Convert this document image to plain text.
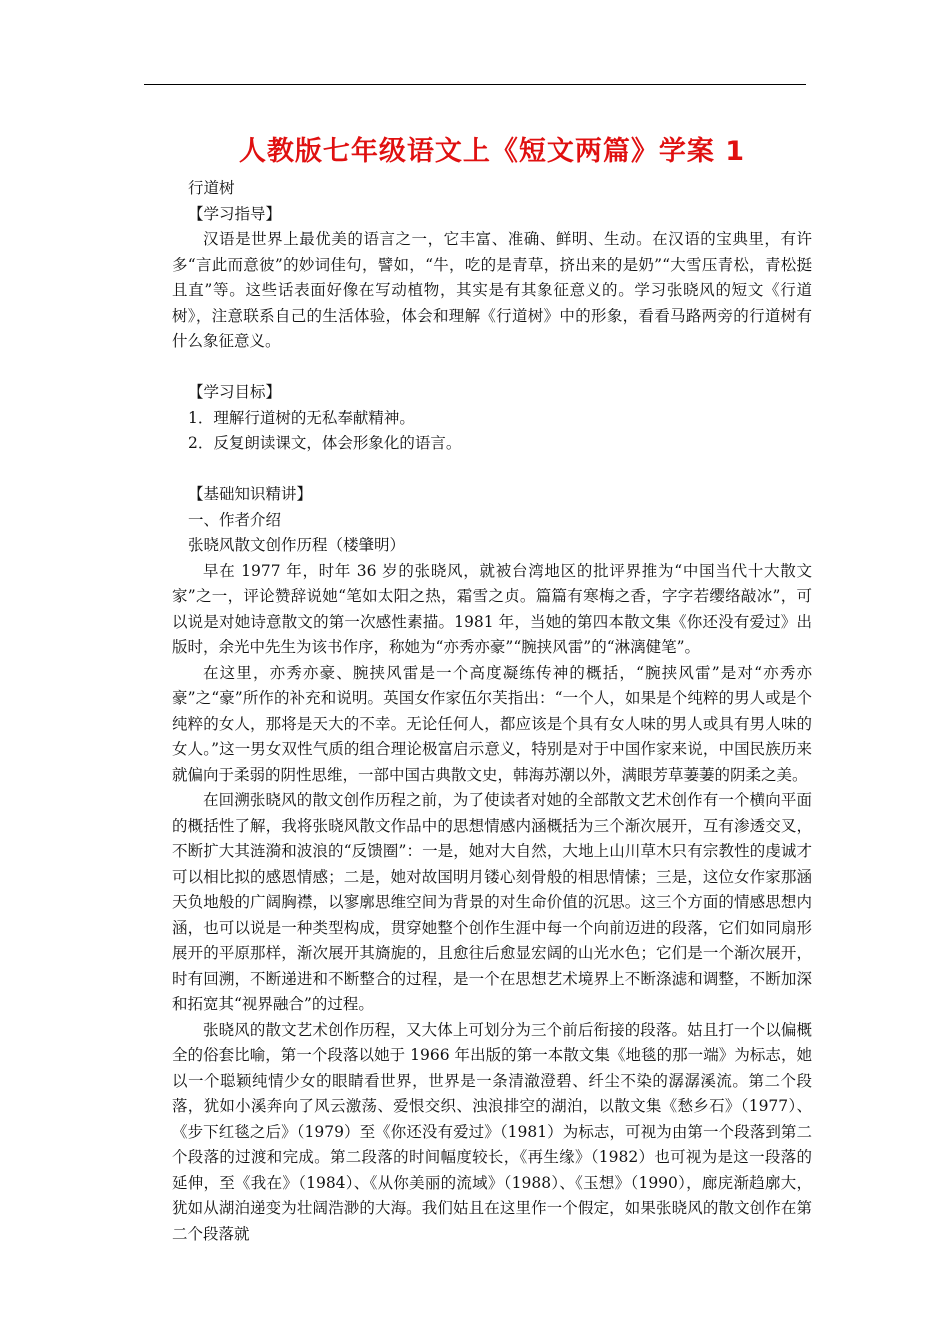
人教版七年级语文上《短文两篇》学案 1

行道树

【学习指导】

汉语是世界上最优美的语言之一，它丰富、准确、鲜明、生动。在汉语的宝典里，有许多“言此而意彼”的妙词佳句，譬如，“牛，吃的是青草，挤出来的是奶”“大雪压青松，青松挺且直”等。这些话表面好像在写动植物，其实是有其象征意义的。学习张晓风的短文《行道树》，注意联系自己的生活体验，体会和理解《行道树》中的形象，看看马路两旁的行道树有什么象征意义。

【学习目标】

1．理解行道树的无私奉献精神。

2．反复朗读课文，体会形象化的语言。

【基础知识精讲】

一、作者介绍

张晓风散文创作历程（楼肇明）

早在 1977 年，时年 36 岁的张晓风，就被台湾地区的批评界推为“中国当代十大散文家”之一，评论赞辞说她“笔如太阳之热，霜雪之贞。篇篇有寒梅之香，字字若缨络敲冰”，可以说是对她诗意散文的第一次感性素描。1981 年，当她的第四本散文集《你还没有爱过》出版时，余光中先生为该书作序，称她为“亦秀亦豪”“腕挟风雷”的“淋漓健笔”。

在这里，亦秀亦豪、腕挟风雷是一个高度凝练传神的概括，“腕挟风雷”是对“亦秀亦豪”之“豪”所作的补充和说明。英国女作家伍尔芙指出：“一个人，如果是个纯粹的男人或是个纯粹的女人，那将是天大的不幸。无论任何人，都应该是个具有女人味的男人或具有男人味的女人。”这一男女双性气质的组合理论极富启示意义，特别是对于中国作家来说，中国民族历来就偏向于柔弱的阴性思维，一部中国古典散文史，韩海苏潮以外，满眼芳草萋萋的阴柔之美。

在回溯张晓风的散文创作历程之前，为了使读者对她的全部散文艺术创作有一个横向平面的概括性了解，我将张晓风散文作品中的思想情感内涵概括为三个渐次展开，互有渗透交叉，不断扩大其涟漪和波浪的“反馈圈”：一是，她对大自然，大地上山川草木只有宗教性的虔诚才可以相比拟的感恩情感；二是，她对故国明月镂心刻骨般的相思情愫；三是，这位女作家那涵天负地般的广阔胸襟，以寥廓思维空间为背景的对生命价值的沉思。这三个方面的情感思想内涵，也可以说是一种类型构成，贯穿她整个创作生涯中每一个向前迈进的段落，它们如同扇形展开的平原那样，渐次展开其旖旎的，且愈往后愈显宏阔的山光水色；它们是一个渐次展开，时有回溯，不断递进和不断整合的过程，是一个在思想艺术境界上不断涤滤和调整，不断加深和拓宽其“视界融合”的过程。

张晓风的散文艺术创作历程，又大体上可划分为三个前后衔接的段落。姑且打一个以偏概全的俗套比喻，第一个段落以她于 1966 年出版的第一本散文集《地毯的那一端》为标志，她以一个聪颖纯情少女的眼睛看世界，世界是一条清澈澄碧、纤尘不染的潺潺溪流。第二个段落，犹如小溪奔向了风云激荡、爱恨交织、浊浪排空的湖泊，以散文集《愁乡石》（1977）、《步下红毯之后》（1979）至《你还没有爱过》（1981）为标志，可视为由第一个段落到第二个段落的过渡和完成。第二段落的时间幅度较长，《再生缘》（1982）也可视为是这一段落的延伸，至《我在》（1984）、《从你美丽的流域》（1988）、《玉想》（1990），廊庑渐趋廓大，犹如从湖泊递变为壮阔浩渺的大海。我们姑且在这里作一个假定，如果张晓风的散文创作在第二个段落就
